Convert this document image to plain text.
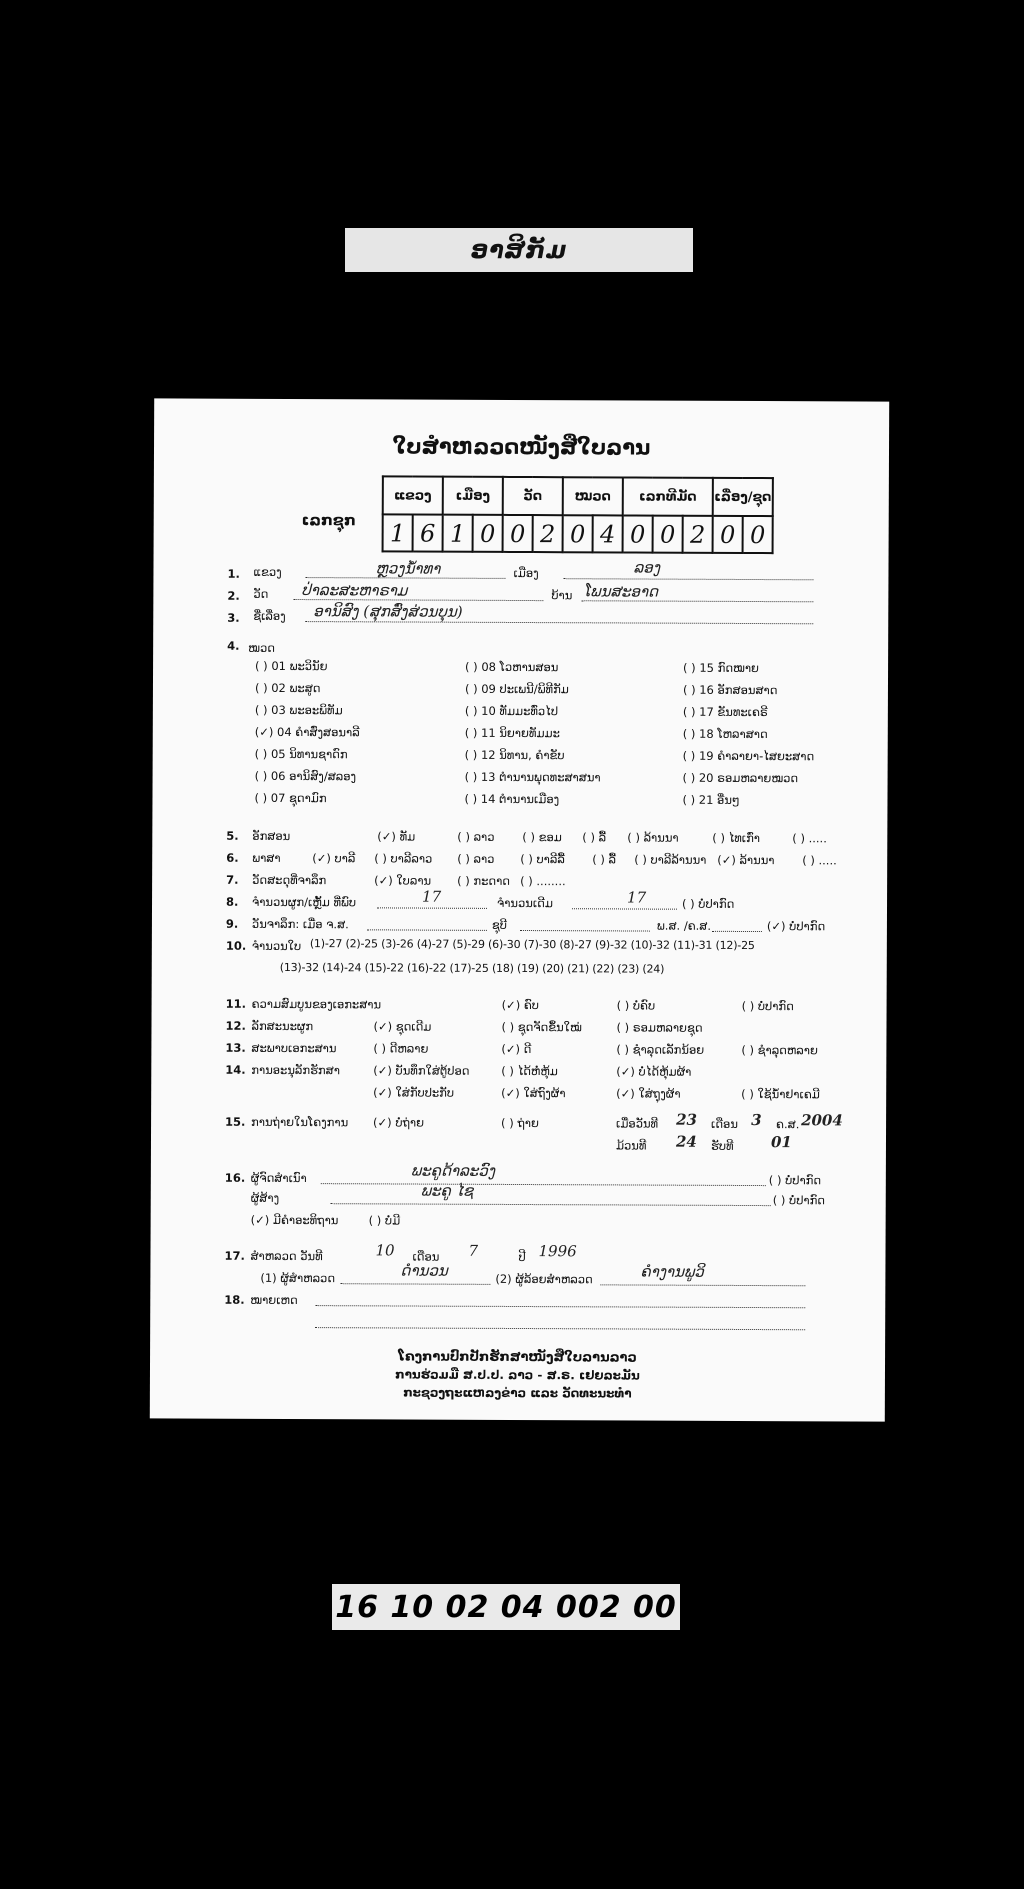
ອາສິກັມ
ໃບສຳຫລວດໜັງສືໃບລານ
ເລກຊຸກ
ແຂວງ		ເມືອງ		ວັດ		ໝວດ		ເລກທີມັດ			ເລື່ອງ/ຊຸດ	
1	6	1	0	0	2	0	4	0	0	2	0	0
1. ແຂວງ	ຫຼວງນ້ຳທາ	ເມືອງ	ລອງ
2. ວັດ ປ່າລະສະຫາຣາມ	ບ້ານ ໂພນສະອາດ
3. ຊື່ເລື່ອງ ອານິສົງ (ສຸກສົ່ງສ່ວນບຸນ)
4. ໝວດ
( ) 01 ພະວິນັຍ	( ) 08 ໂວຫານສອນ	( ) 15 ກົດໝາຍ
( ) 02 ພະສູດ	( ) 09 ປະເພນີ/ພິທີກັມ	( ) 16 ອັກສອນສາດ
( ) 03 ພະອະພິທັມ	( ) 10 ທັມມະທົ່ວໄປ	( ) 17 ຂັນທະເຄຣີ
(✓) 04 ຄຳສົ່ງສອນາລີ	( ) 11 ນິຍາຍທັມມະ	( ) 18 ໂຫລາສາດ
( ) 05 ນິທານຊາດົກ	( ) 12 ນິທານ, ຄຳຂັບ	( ) 19 ຄຳລາຍາ-ໄສຍະສາດ
( ) 06 ອານິສົງ/ສລອງ	( ) 13 ຕຳນານພຸດທະສາສນາ	( ) 20 ຣອມຫລາຍໝວດ
( ) 07 ຊຸດາມົກ	( ) 14 ຕຳນານເມືອງ	( ) 21 ອື່ນໆ
5. ອັກສອນ	(✓) ທັມ	( ) ລາວ ( ) ຂອມ ( ) ລື້ ( ) ລ້ານນາ	( ) ໄທເກົ່າ	( ) .....
6. ພາສາ	(✓) ບາລີ ( ) ບາລີລາວ ( ) ລາວ ( ) ບາລີລື້ ( ) ລື້ ( ) ບາລີລ້ານນາ (✓) ລ້ານນາ ( ) .....
7. ວັດສະດຸທີ່ຈາລຶກ	(✓) ໃບລານ ( ) ກະດາດ ( ) ........
8. ຈຳນວນຜູກ/ເຫຼັ້ມ ທີ່ພົບ	17	ຈຳນວນເດີມ	17	( ) ບໍ່ປາກົດ
9. ວັນຈາລຶກ: ເມື່ອ ຈ.ສ.	ຊຸບີ	ພ.ສ. /ຄ.ສ.	(✓) ບໍ່ປາກົດ
10. ຈຳນວນໃບ (1)-27 (2)-25 (3)-26 (4)-27 (5)-29 (6)-30 (7)-30 (8)-27 (9)-32 (10)-32 (11)-31 (12)-25
(13)-32 (14)-24 (15)-22 (16)-22 (17)-25 (18) (19) (20) (21) (22) (23) (24)
11. ຄວາມສົມບູນຂອງເອກະສານ	(✓) ຄົບ	( ) ບໍ່ຄົບ	( ) ບໍ່ປາກົດ
12. ລັກສະນະຜູກ	(✓) ຊຸດເດີມ	( ) ຊຸດຈັດຂຶ້ນໃໝ່	( ) ຣອມຫລາຍຊຸດ
13. ສະພາບເອກະສານ	( ) ດີຫລາຍ	(✓) ດີ	( ) ຊຳລຸດເລັກນ້ອຍ	( ) ຊຳລຸດຫລາຍ
14. ການອະນຸລັກຮັກສາ	(✓) ບັນທຶກໃສ່ຕູ້ປອດ	( ) ໄດ້ຫໍ່ຫຸ້ມ	(✓) ບໍ່ໄດ້ຫຸ້ມຜ້າ
(✓) ໃສ່ກັບປະກັບ	(✓) ໃສ່ຖົງຜ້າ	(✓) ໃສ່ຖຸງຜ້າ	( ) ໃຊ້ນ້ຳຢາເຄມີ
15. ການຖ່າຍໃນໂຄງການ (✓) ບໍ່ຖ່າຍ	( ) ຖ່າຍ	ເມື່ອວັນທີ 23 ເດືອນ 3 ຄ.ສ. 2004
ມ້ວນທີ 24 ຮັບທີ 01
16. ຜູ້ຈົດສຳເນົາ	ພະຄູດ້າລະວົງ
( ) ບໍ່ປາກົດ
ຜູ້ສ້າງ	ພະຄູ ໄຊ
( ) ບໍ່ປາກົດ
(✓) ມີຄຳອະທິຖານ	( ) ບໍ່ມີ
17. ສຳຫລວດ ວັນທີ	10 ເດືອນ 7	ປີ 1996
(1) ຜູ້ສຳຫລວດ	ດຳນວນ	(2) ຜູ້ລ້ອຍສຳຫລວດ	ຄຳງານພູວິ
18. ໝາຍເຫດ
ໂຄງການປົກປັກຮັກສາໜັງສືໃບລານລາວ
ການຮ່ວມມື ສ.ປ.ປ. ລາວ - ສ.ຣ. ເຢຍລະມັນ
ກະຊວງຖະແຫລງຂ່າວ ແລະ ວັດທະນະທຳ
16 10 02 04 002 00
